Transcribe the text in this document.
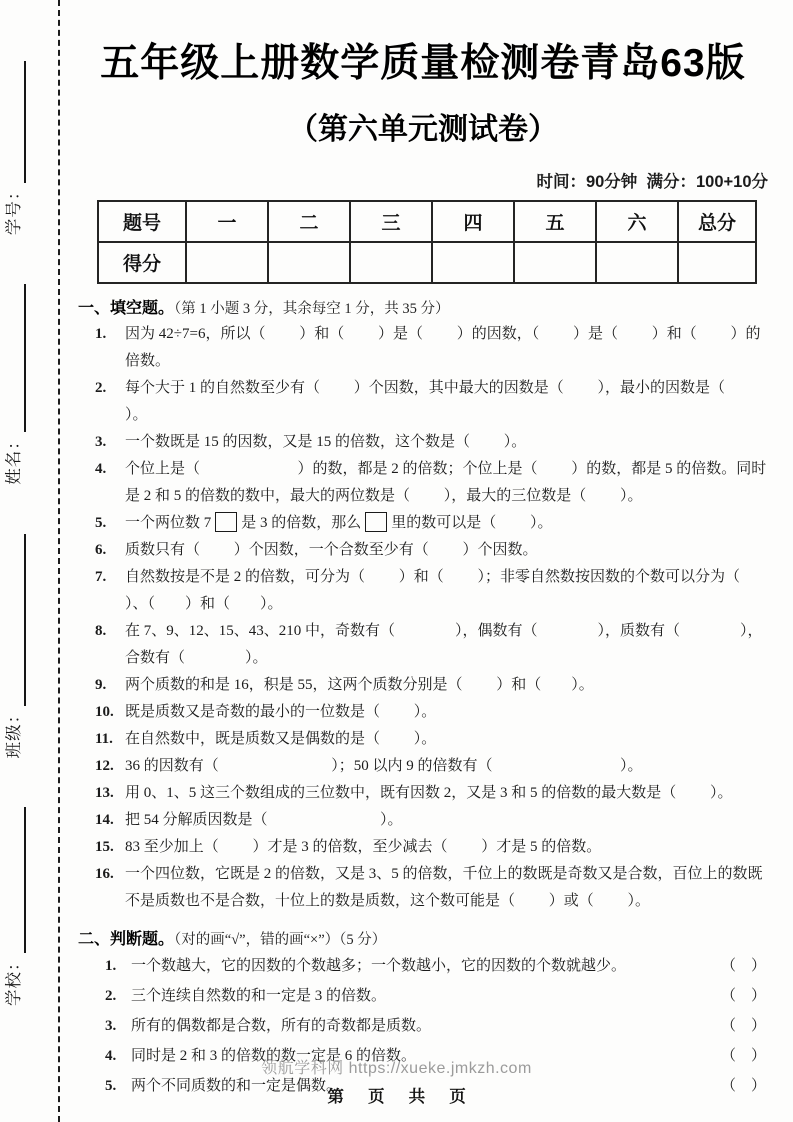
学校： 班级： 姓名： 学号：
五年级上册数学质量检测卷青岛63版
（第六单元测试卷）
时间：90分钟  满分：100+10分
题号	一	二	三	四	五	六	总分
得分							
一、填空题。（第 1 小题 3 分，其余每空 1 分，共 35 分）
1. 因为 42÷7=6，所以（         ）和（         ）是（         ）的因数，（         ）是（         ）和（         ）的倍数。
2. 每个大于 1 的自然数至少有（         ）个因数，其中最大的因数是（         ），最小的因数是（         ）。
3. 一个数既是 15 的因数，又是 15 的倍数，这个数是（         ）。
4. 个位上是（                          ）的数，都是 2 的倍数；个位上是（         ）的数，都是 5 的倍数。同时是 2 和 5 的倍数的数中，最大的两位数是（         ），最大的三位数是（         ）。
5. 一个两位数 7 是 3 的倍数，那么 里的数可以是（         ）。
6. 质数只有（         ）个因数，一个合数至少有（         ）个因数。
7. 自然数按是不是 2 的倍数，可分为（         ）和（         ）；非零自然数按因数的个数可以分为（        ）、（        ）和（        ）。
8. 在 7、9、12、15、43、210 中，奇数有（                ），偶数有（                ），质数有（                ），合数有（                ）。
9. 两个质数的和是 16，积是 55，这两个质数分别是（         ）和（        ）。
10. 既是质数又是奇数的最小的一位数是（         ）。
11. 在自然数中，既是质数又是偶数的是（         ）。
12. 36 的因数有（                              ）；50 以内 9 的倍数有（                                  ）。
13. 用 0、1、5 这三个数组成的三位数中，既有因数 2，又是 3 和 5 的倍数的最大数是（         ）。
14. 把 54 分解质因数是（                              ）。
15. 83 至少加上（         ）才是 3 的倍数，至少减去（         ）才是 5 的倍数。
16. 一个四位数，它既是 2 的倍数，又是 3、5 的倍数，千位上的数既是奇数又是合数，百位上的数既不是质数也不是合数，十位上的数是质数，这个数可能是（         ）或（         ）。
二、判断题。（对的画“√”，错的画“×”）（5 分）
1. 一个数越大，它的因数的个数越多；一个数越小，它的因数的个数就越少。	（    ）
2. 三个连续自然数的和一定是 3 的倍数。	（    ）
3. 所有的偶数都是合数，所有的奇数都是质数。	（    ）
4. 同时是 2 和 3 的倍数的数一定是 6 的倍数。	（    ）
5. 两个不同质数的和一定是偶数。	（    ）
领航学科网 https://xueke.jmkzh.com
第 页 共 页
